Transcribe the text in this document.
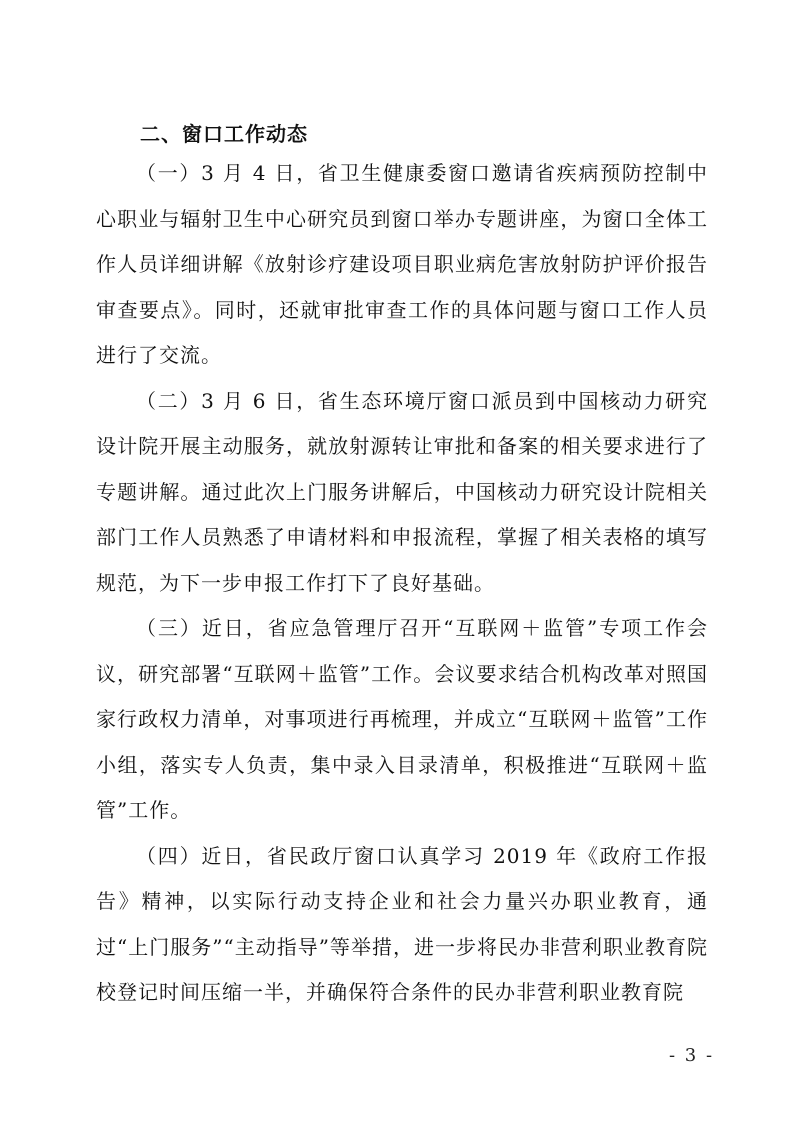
二、窗口工作动态

（一）3 月 4 日，省卫生健康委窗口邀请省疾病预防控制中心职业与辐射卫生中心研究员到窗口举办专题讲座，为窗口全体工作人员详细讲解《放射诊疗建设项目职业病危害放射防护评价报告审查要点》。同时，还就审批审查工作的具体问题与窗口工作人员进行了交流。

（二）3 月 6 日，省生态环境厅窗口派员到中国核动力研究设计院开展主动服务，就放射源转让审批和备案的相关要求进行了专题讲解。通过此次上门服务讲解后，中国核动力研究设计院相关部门工作人员熟悉了申请材料和申报流程，掌握了相关表格的填写规范，为下一步申报工作打下了良好基础。

（三）近日，省应急管理厅召开“互联网＋监管”专项工作会议，研究部署“互联网＋监管”工作。会议要求结合机构改革对照国家行政权力清单，对事项进行再梳理，并成立“互联网＋监管”工作小组，落实专人负责，集中录入目录清单，积极推进“互联网＋监管”工作。

（四）近日，省民政厅窗口认真学习 2019 年《政府工作报告》精神，以实际行动支持企业和社会力量兴办职业教育，通过“上门服务”“主动指导”等举措，进一步将民办非营利职业教育院校登记时间压缩一半，并确保符合条件的民办非营利职业教育院

- 3 -
